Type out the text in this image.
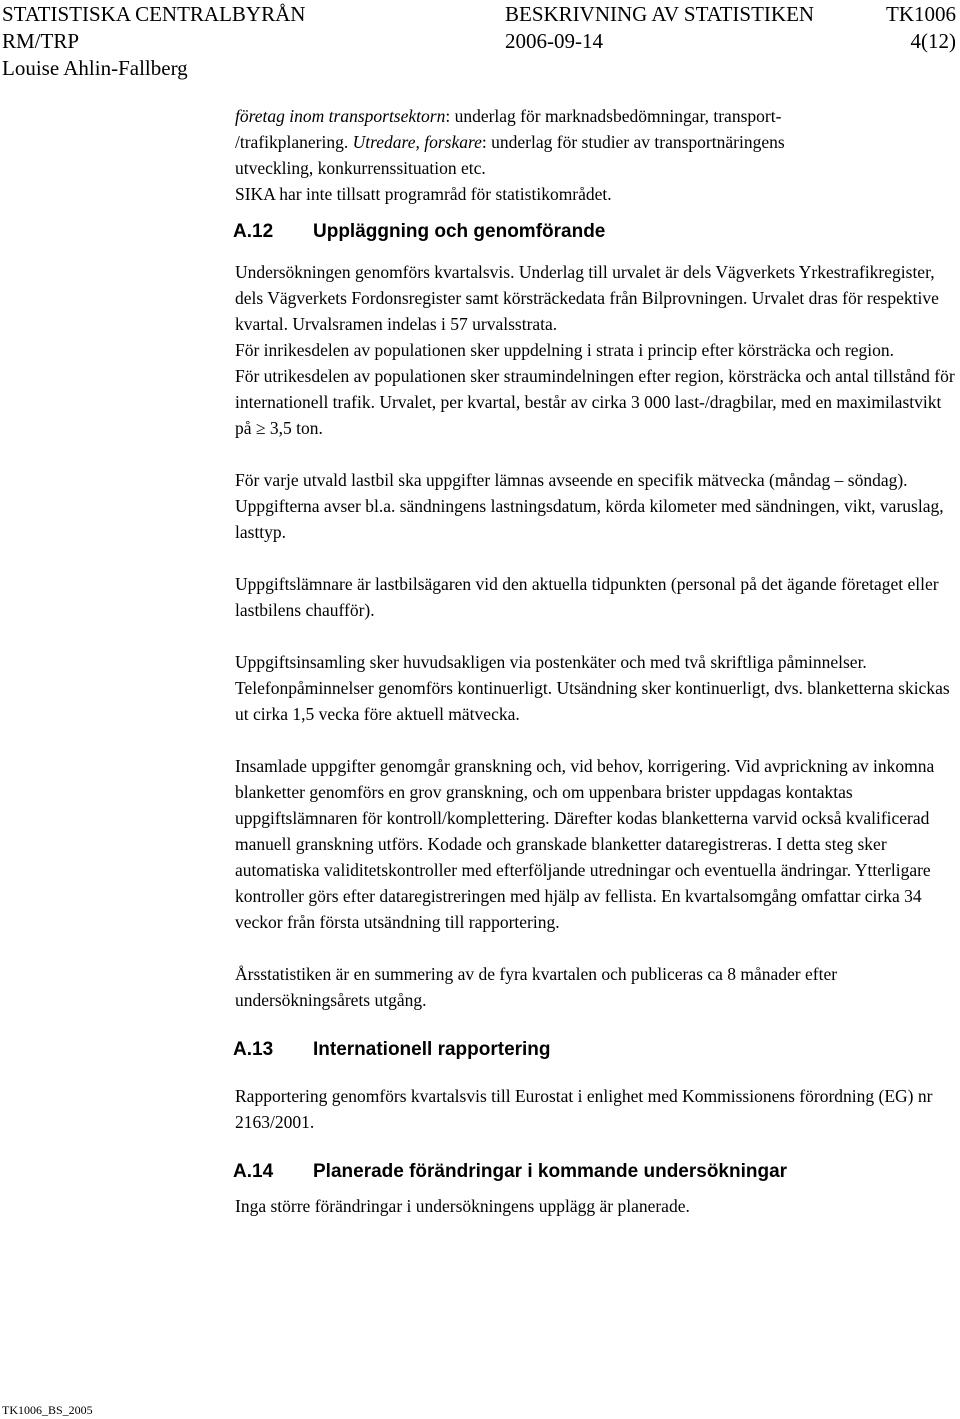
STATISTISKA CENTRALBYRÅN	BESKRIVNING AV STATISTIKEN	TK1006
RM/TRP	2006-09-14	4(12)
Louise Ahlin-Fallberg
företag inom transportsektorn: underlag för marknadsbedömningar, transport-
/trafikplanering. Utredare, forskare: underlag för studier av transportnäringens
utveckling, konkurrenssituation etc.
SIKA har inte tillsatt programråd för statistikområdet.
A.12	Uppläggning och genomförande
Undersökningen genomförs kvartalsvis. Underlag till urvalet är dels Vägverkets Yrkestrafikregister, dels Vägverkets Fordonsregister samt körsträckedata från Bilprovningen. Urvalet dras för respektive kvartal. Urvalsramen indelas i 57 urvalsstrata.
För inrikesdelen av populationen sker uppdelning i strata i princip efter körsträcka och region.
För utrikesdelen av populationen sker straumindelningen efter region, körsträcka och antal tillstånd för internationell trafik. Urvalet, per kvartal, består av cirka 3 000 last-/dragbilar, med en maximilastvikt på ≥ 3,5 ton.
För varje utvald lastbil ska uppgifter lämnas avseende en specifik mätvecka (måndag – söndag). Uppgifterna avser bl.a. sändningens lastningsdatum, körda kilometer med sändningen, vikt, varuslag, lasttyp.
Uppgiftslämnare är lastbilsägaren vid den aktuella tidpunkten (personal på det ägande företaget eller lastbilens chaufför).
Uppgiftsinsamling sker huvudsakligen via postenkäter och med två skriftliga påminnelser. Telefonpåminnelser genomförs kontinuerligt. Utsändning sker kontinuerligt, dvs. blanketterna skickas ut cirka 1,5 vecka före aktuell mätvecka.
Insamlade uppgifter genomgår granskning och, vid behov, korrigering. Vid avprickning av inkomna blanketter genomförs en grov granskning, och om uppenbara brister uppdagas kontaktas uppgiftslämnaren för kontroll/komplettering. Därefter kodas blanketterna varvid också kvalificerad manuell granskning utförs. Kodade och granskade blanketter dataregistreras. I detta steg sker automatiska validitetskontroller med efterföljande utredningar och eventuella ändringar. Ytterligare kontroller görs efter dataregistreringen med hjälp av fellista. En kvartalsomgång omfattar cirka 34 veckor från första utsändning till rapportering.
Årsstatistiken är en summering av de fyra kvartalen och publiceras ca 8 månader efter undersökningsårets utgång.
A.13	Internationell rapportering
Rapportering genomförs kvartalsvis till Eurostat i enlighet med Kommissionens förordning (EG) nr 2163/2001.
A.14	Planerade förändringar i kommande undersökningar
Inga större förändringar i undersökningens upplägg är planerade.
TK1006_BS_2005
